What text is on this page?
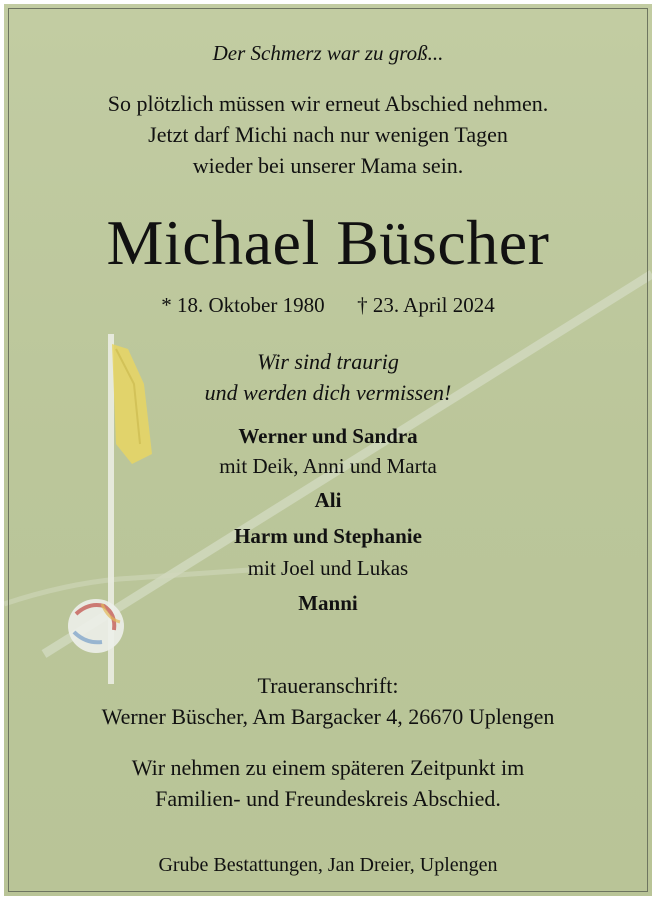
Der Schmerz war zu groß...

So plötzlich müssen wir erneut Abschied nehmen.

Jetzt darf Michi nach nur wenigen Tagen

wieder bei unserer Mama sein.

Michael Büscher

* 18. Oktober 1980 † 23. April 2024

Wir sind traurig

und werden dich vermissen!

Werner und Sandra

mit Deik, Anni und Marta

Ali

Harm und Stephanie

mit Joel und Lukas

Manni

Traueranschrift:

Werner Büscher, Am Bargacker 4, 26670 Uplengen

Wir nehmen zu einem späteren Zeitpunkt im

Familien- und Freundeskreis Abschied.

Grube Bestattungen, Jan Dreier, Uplengen
